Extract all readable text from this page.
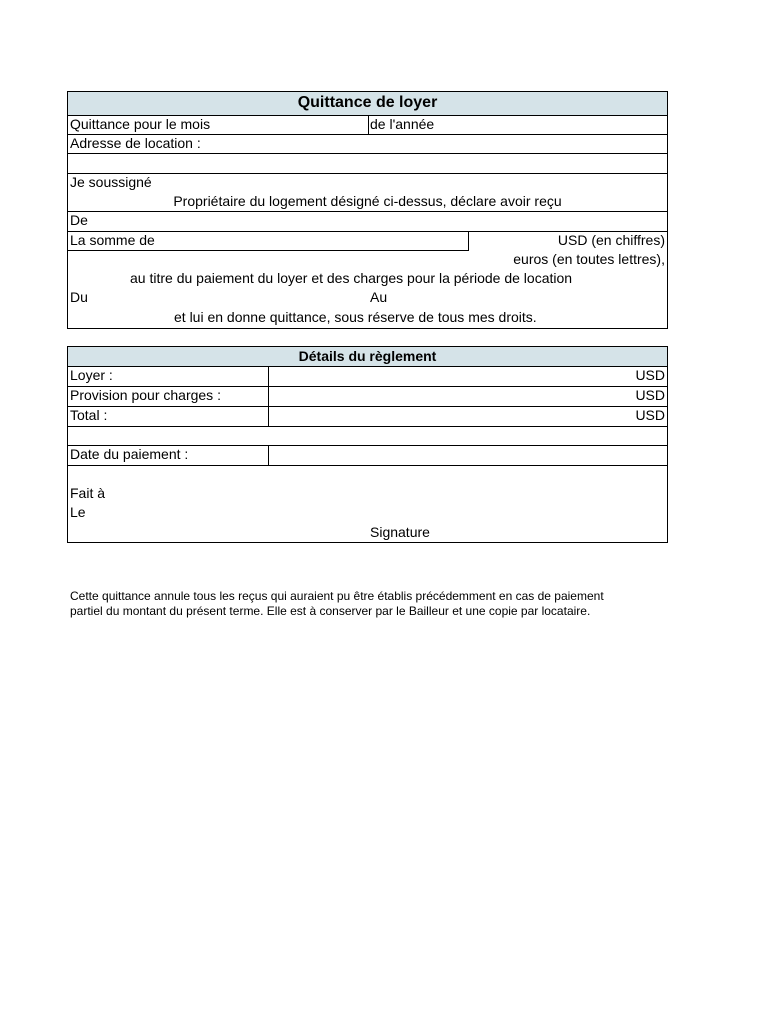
Quittance de loyer
Quittance pour le mois	de l'année
Adresse de location :
Je soussigné
Propriétaire du logement désigné ci-dessus, déclare avoir reçu
De
La somme de	USD (en chiffres)
euros (en toutes lettres),
au titre du paiement du loyer et des charges pour la période de location
Du	Au
et lui en donne quittance, sous réserve de tous mes droits.
Détails du règlement
Loyer :	USD
Provision pour charges :	USD
Total :	USD
Date du paiement :
Fait à
Le
Signature
Cette quittance annule tous les reçus qui auraient pu être établis précédemment en cas de paiement
partiel du montant du présent terme. Elle est à conserver par le Bailleur et une copie par locataire.
